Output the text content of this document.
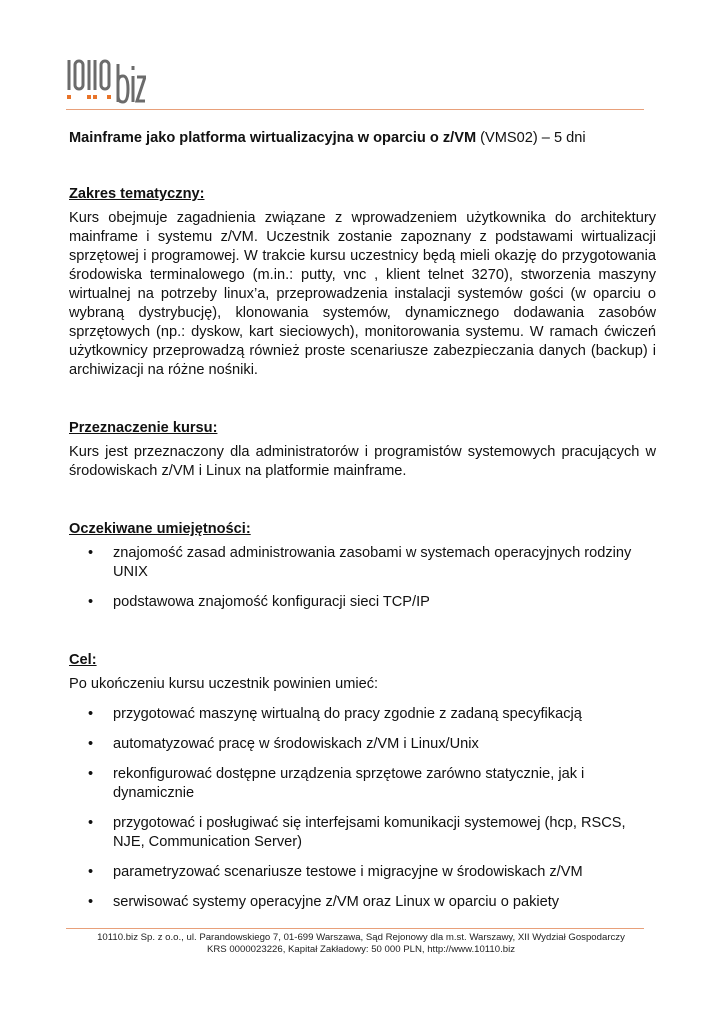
Mainframe jako platforma wirtualizacyjna w oparciu o z/VM (VMS02) – 5 dni
Zakres tematyczny:

Kurs obejmuje zagadnienia związane z wprowadzeniem użytkownika do architektury mainframe i systemu z/VM. Uczestnik zostanie zapoznany z podstawami wirtualizacji sprzętowej i programowej. W trakcie kursu uczestnicy będą mieli okazję do przygotowania środowiska terminalowego (m.in.: putty, vnc , klient telnet 3270), stworzenia maszyny wirtualnej na potrzeby linux’a, przeprowadzenia instalacji systemów gości (w oparciu o wybraną dystrybucję), klonowania systemów, dynamicznego dodawania zasobów sprzętowych (np.: dyskow, kart sieciowych), monitorowania systemu. W ramach ćwiczeń użytkownicy przeprowadzą również proste scenariusze zabezpieczania danych (backup) i archiwizacji na różne nośniki.

Przeznaczenie kursu:

Kurs jest przeznaczony dla administratorów i programistów systemowych pracujących w środowiskach z/VM i Linux na platformie mainframe.

Oczekiwane umiejętności:
• znajomość zasad administrowania zasobami w systemach operacyjnych rodziny UNIX
• podstawowa znajomość konfiguracji sieci TCP/IP
Cel:

Po ukończeniu kursu uczestnik powinien umieć:

• przygotować maszynę wirtualną do pracy zgodnie z zadaną specyfikacją
• automatyzować pracę w środowiskach z/VM i Linux/Unix
• rekonfigurować dostępne urządzenia sprzętowe zarówno statycznie, jak i dynamicznie
• przygotować i posługiwać się interfejsami komunikacji systemowej (hcp, RSCS, NJE, Communication Server)
• parametryzować scenariusze testowe i migracyjne w środowiskach z/VM
• serwisować systemy operacyjne z/VM oraz Linux w oparciu o pakiety
10110.biz Sp. z o.o., ul. Parandowskiego 7, 01-699 Warszawa, Sąd Rejonowy dla m.st. Warszawy, XII Wydział Gospodarczy
KRS 0000023226, Kapitał Zakładowy: 50 000 PLN, http://www.10110.biz
